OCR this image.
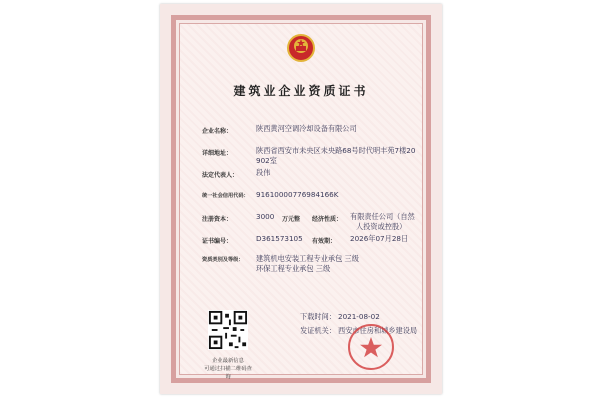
建筑业企业资质证书
企业名称：	陕西黄河空调冷却设备有限公司
详细地址：	陕西省西安市未央区未央路68号时代明丰苑7楼20
902室
法定代表人：	段伟
统一社会信用代码：	91610000776984166K
注册资本：	3000 万元整 经济性质： 有限责任公司（自然
人投资或控股）
证书编号：	D361573105 有效期： 2026年07月28日
资质类别及等级：	建筑机电安装工程专业承包 三级
环保工程专业承包 三级
下载时间： 2021-08-02
发证机关： 西安市住房和城乡建设局
企业最新信息
可通过扫描二维码查询
